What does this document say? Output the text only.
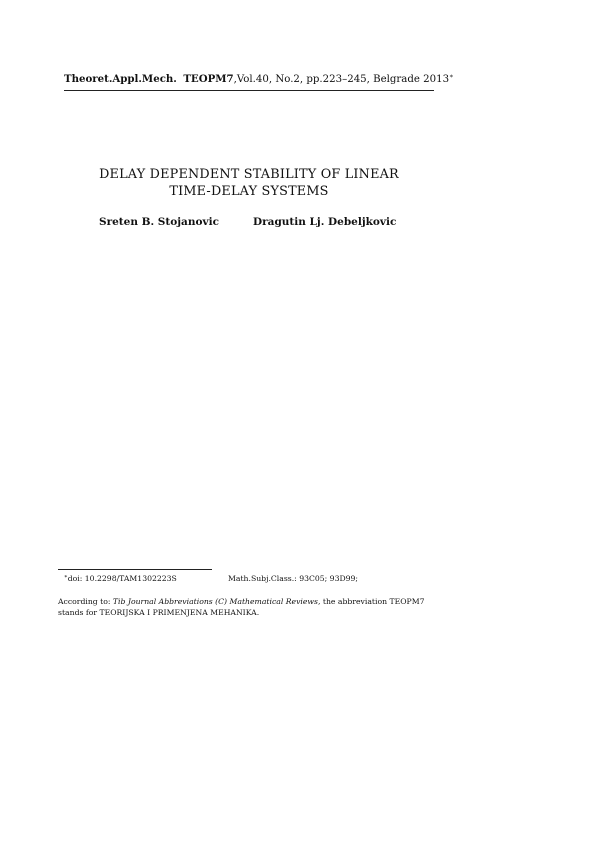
Theoret.Appl.Mech. TEOPM7,Vol.40, No.2, pp.223–245, Belgrade 2013∗
DELAY DEPENDENT STABILITY OF LINEAR
TIME-DELAY SYSTEMS
Sreten B. Stojanovic	Dragutin Lj. Debeljkovic
∗doi: 10.2298/TAM1302223S	Math.Subj.Class.: 93C05; 93D99;
According to: Tib Journal Abbreviations (C) Mathematical Reviews, the abbreviation TEOPM7
stands for TEORIJSKA I PRIMENJENA MEHANIKA.
